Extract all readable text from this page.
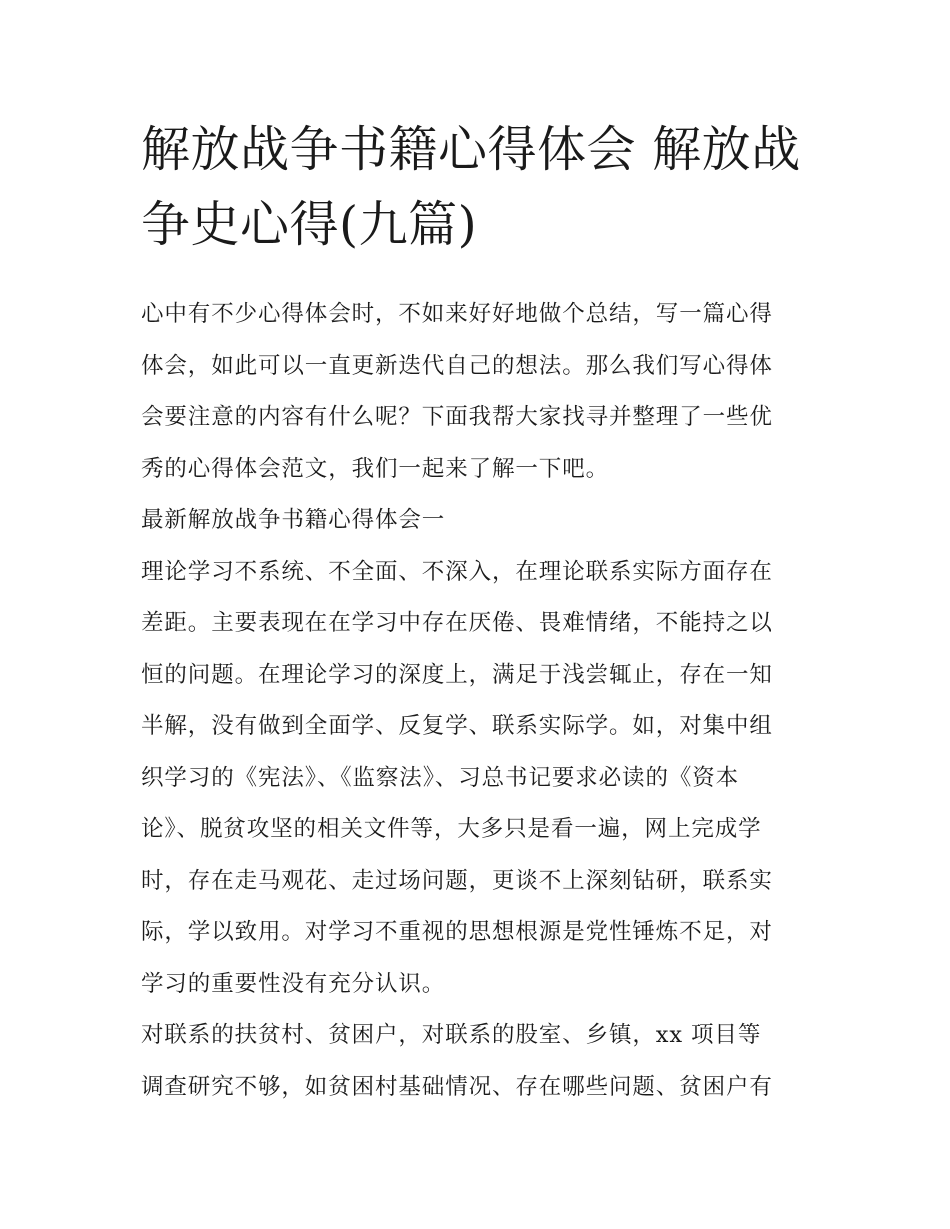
解放战争书籍心得体会 解放战
争史心得(九篇)

心中有不少心得体会时，不如来好好地做个总结，写一篇心得
体会，如此可以一直更新迭代自己的想法。那么我们写心得体
会要注意的内容有什么呢？下面我帮大家找寻并整理了一些优
秀的心得体会范文，我们一起来了解一下吧。

最新解放战争书籍心得体会一

理论学习不系统、不全面、不深入，在理论联系实际方面存在
差距。主要表现在在学习中存在厌倦、畏难情绪，不能持之以
恒的问题。在理论学习的深度上，满足于浅尝辄止，存在一知
半解，没有做到全面学、反复学、联系实际学。如，对集中组
织学习的《宪法》、《监察法》、习总书记要求必读的《资本
论》、脱贫攻坚的相关文件等，大多只是看一遍，网上完成学
时，存在走马观花、走过场问题，更谈不上深刻钻研，联系实
际，学以致用。对学习不重视的思想根源是党性锤炼不足，对
学习的重要性没有充分认识。

对联系的扶贫村、贫困户，对联系的股室、乡镇，xx 项目等
调查研究不够，如贫困村基础情况、存在哪些问题、贫困户有
